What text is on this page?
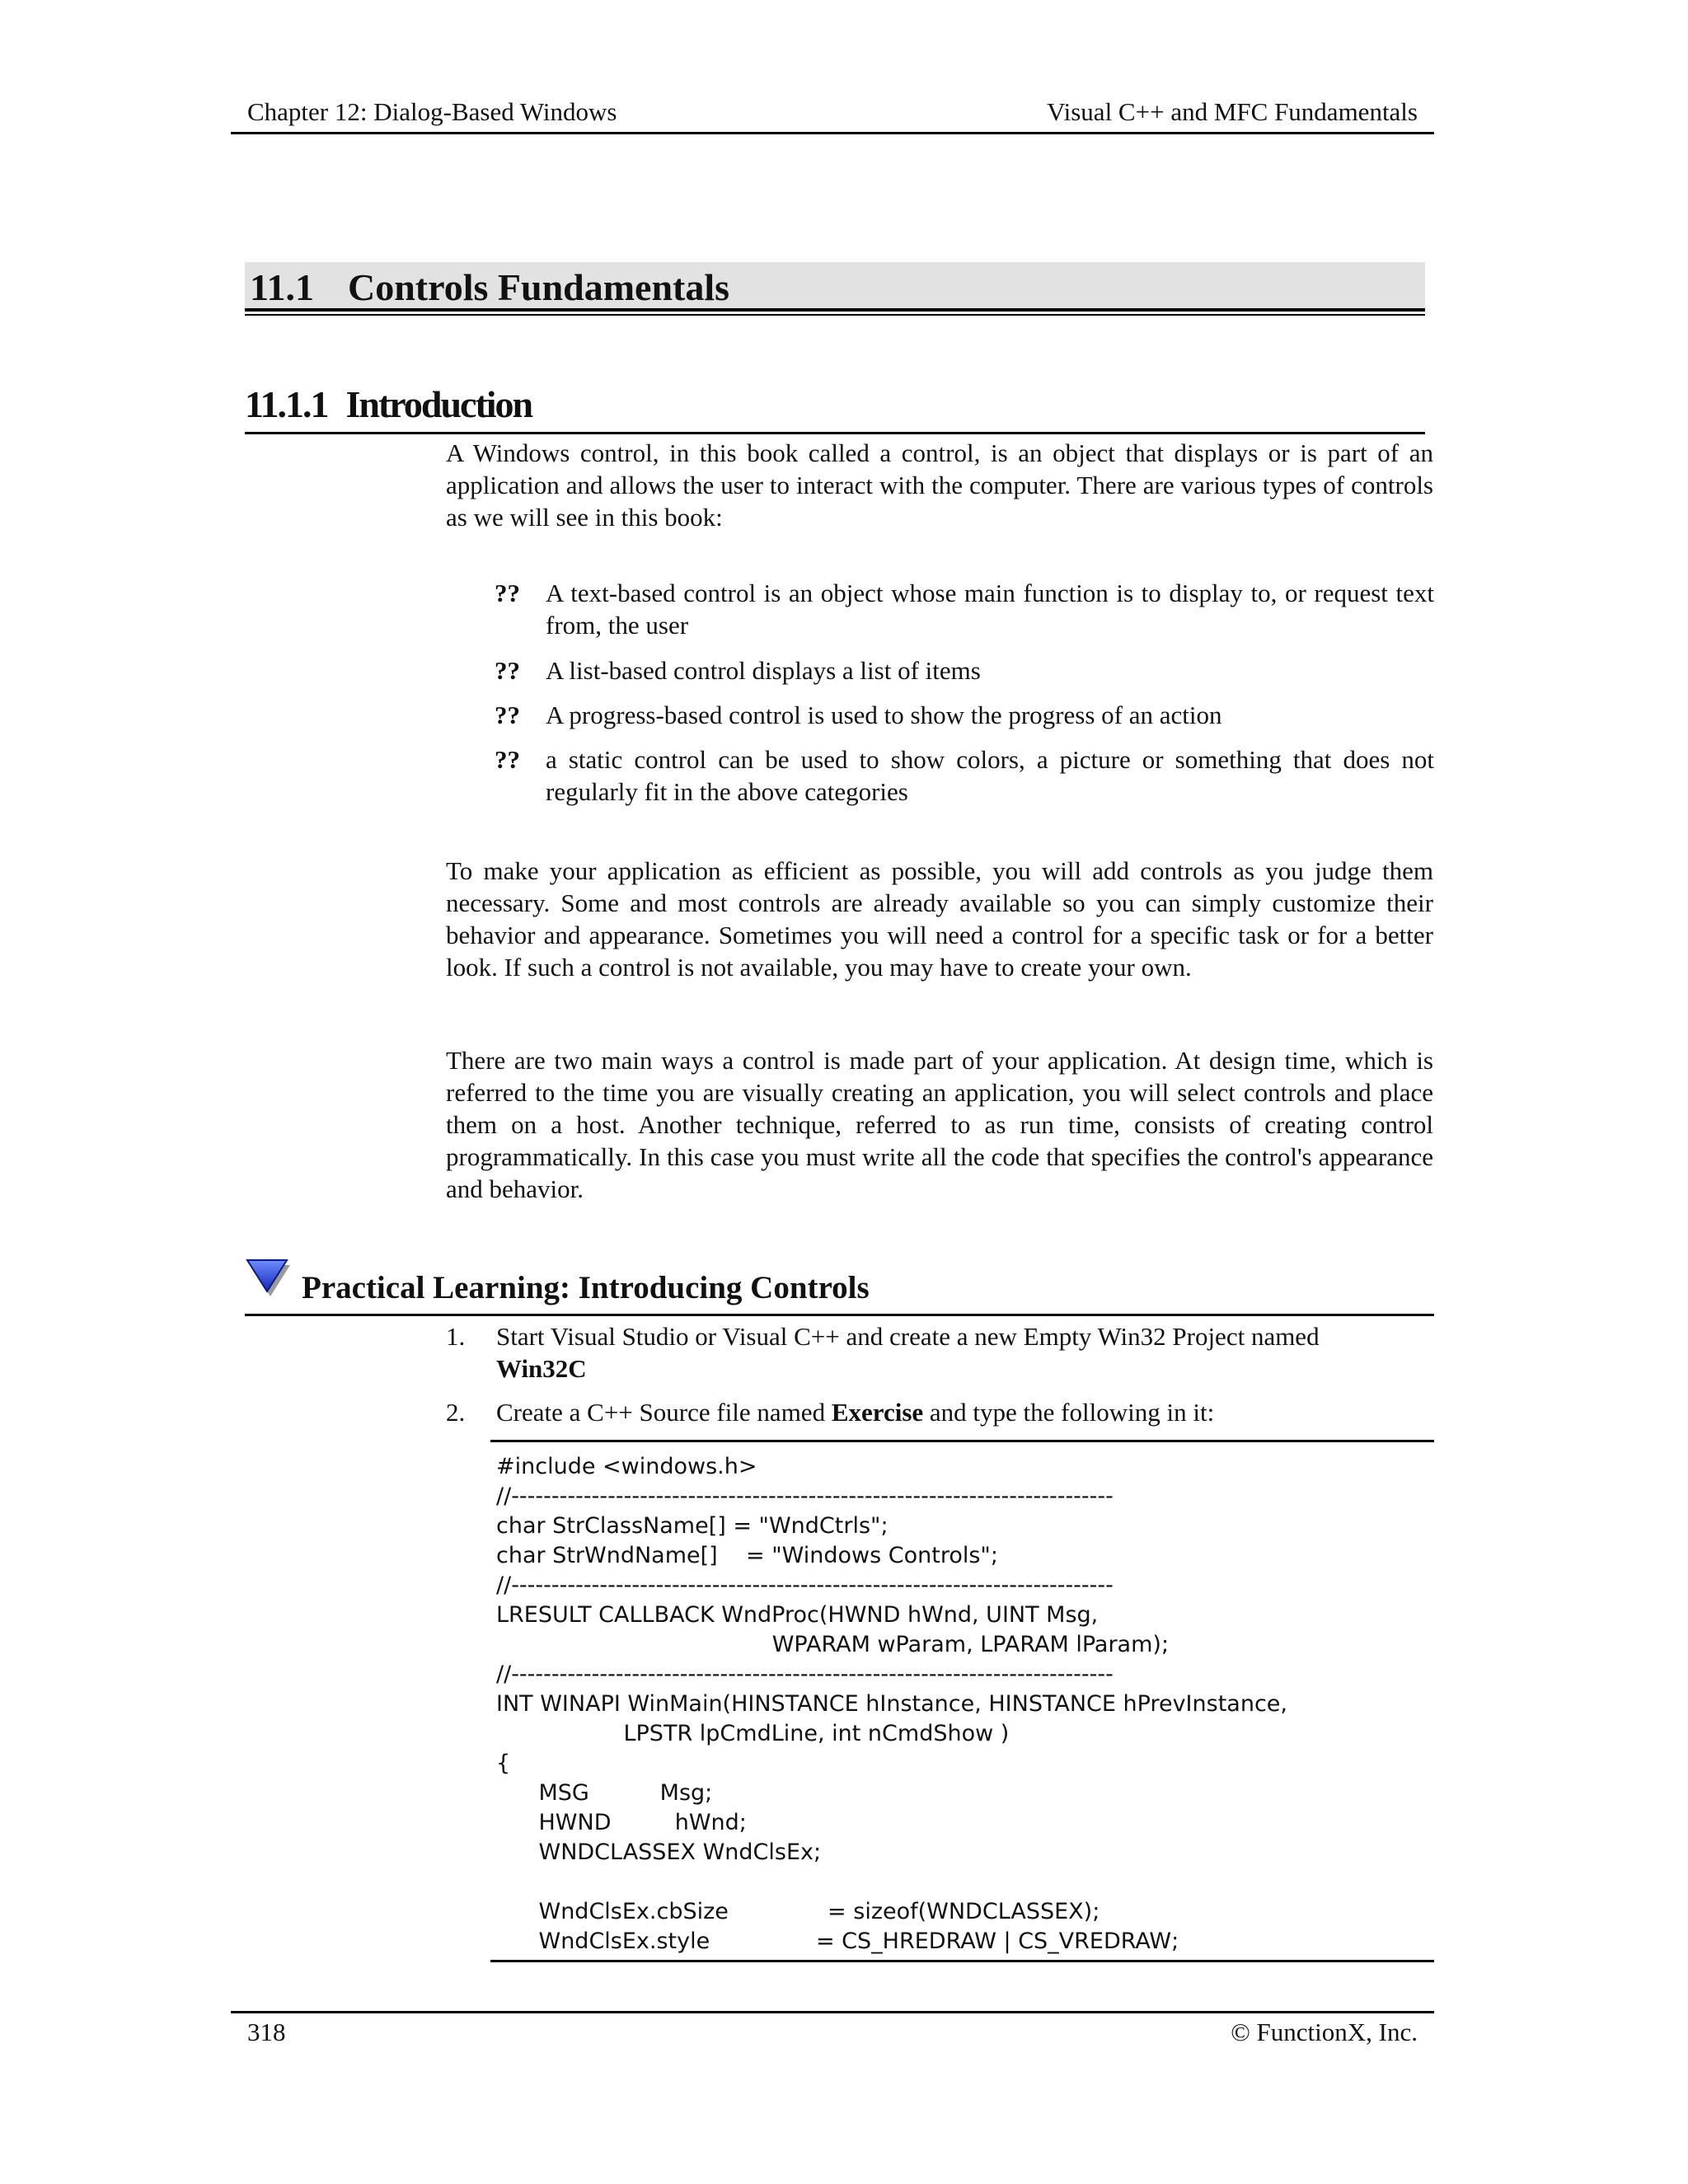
Chapter 12: Dialog-Based Windows	Visual C++ and MFC Fundamentals
11.1 Controls Fundamentals
11.1.1 Introduction

A Windows control, in this book called a control, is an object that displays or is part of an application and allows the user to interact with the computer. There are various types of controls as we will see in this book:

?? A text-based control is an object whose main function is to display to, or request text from, the user
?? A list-based control displays a list of items
?? A progress-based control is used to show the progress of an action
?? a static control can be used to show colors, a picture or something that does not regularly fit in the above categories

To make your application as efficient as possible, you will add controls as you judge them necessary. Some and most controls are already available so you can simply customize their behavior and appearance. Sometimes you will need a control for a specific task or for a better look. If such a control is not available, you may have to create your own.

There are two main ways a control is made part of your application. At design time, which is referred to the time you are visually creating an application, you will select controls and place them on a host. Another technique, referred to as run time, consists of creating control programmatically. In this case you must write all the code that specifies the control's appearance and behavior.

Practical Learning: Introducing Controls
1. Start Visual Studio or Visual C++ and create a new Empty Win32 Project named
Win32C
2. Create a C++ Source file named Exercise and type the following in it:
#include <windows.h>
//---------------------------------------------------------------------------
char StrClassName[] = "WndCtrls";
char StrWndName[]    = "Windows Controls";
//---------------------------------------------------------------------------
LRESULT CALLBACK WndProc(HWND hWnd, UINT Msg,
WPARAM wParam, LPARAM lParam);
//---------------------------------------------------------------------------
INT WINAPI WinMain(HINSTANCE hInstance, HINSTANCE hPrevInstance,
LPSTR lpCmdLine, int nCmdShow )
{
MSG          Msg;
HWND         hWnd;
WNDCLASSEX WndClsEx;

WndClsEx.cbSize              = sizeof(WNDCLASSEX);
WndClsEx.style               = CS_HREDRAW | CS_VREDRAW;
318	© FunctionX, Inc.
